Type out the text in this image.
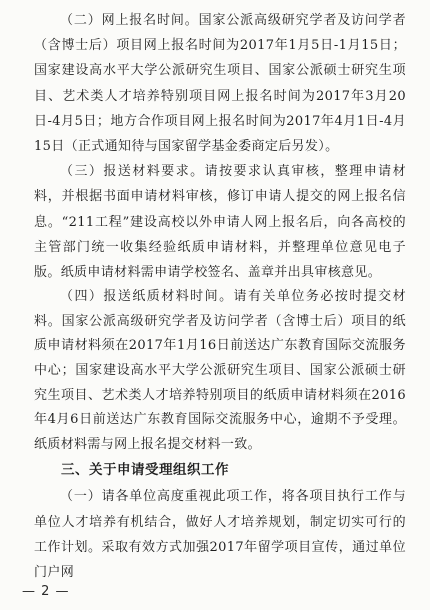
（二）网上报名时间。国家公派高级研究学者及访问学者（含博士后）项目网上报名时间为2017年1月5日-1月15日；国家建设高水平大学公派研究生项目、国家公派硕士研究生项目、艺术类人才培养特别项目网上报名时间为2017年3月20日-4月5日；地方合作项目网上报名时间为2017年4月1日-4月15日（正式通知待与国家留学基金委商定后另发）。

（三）报送材料要求。请按要求认真审核，整理申请材料，并根据书面申请材料审核，修订申请人提交的网上报名信息。“211工程”建设高校以外申请人网上报名后，向各高校的主管部门统一收集经验纸质申请材料，并整理单位意见电子版。纸质申请材料需申请学校签名、盖章并出具审核意见。

（四）报送纸质材料时间。请有关单位务必按时提交材料。国家公派高级研究学者及访问学者（含博士后）项目的纸质申请材料须在2017年1月16日前送达广东教育国际交流服务中心；国家建设高水平大学公派研究生项目、国家公派硕士研究生项目、艺术类人才培养特别项目的纸质申请材料须在2016年4月6日前送达广东教育国际交流服务中心，逾期不予受理。纸质材料需与网上报名提交材料一致。

三、关于申请受理组织工作

（一）请各单位高度重视此项工作，将各项目执行工作与单位人才培养有机结合，做好人才培养规划，制定切实可行的工作计划。采取有效方式加强2017年留学项目宣传，通过单位门户网

— 2 —
